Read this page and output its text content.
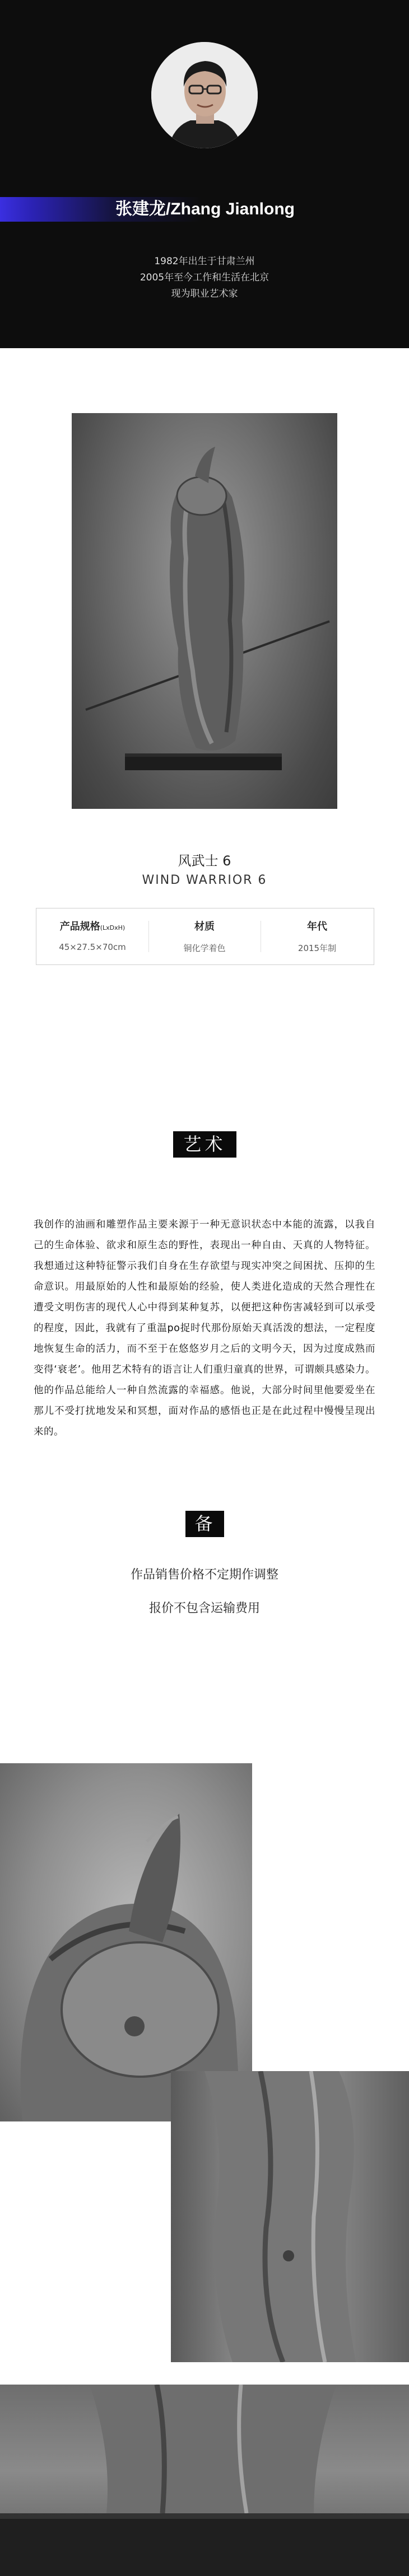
张建龙/Zhang Jianlong
1982年出生于甘肃兰州
2005年至今工作和生活在北京
现为职业艺术家
风武士 6
WIND WARRIOR 6
产品规格(LxDxH)
45×27.5×70cm
材质
铜化学着色
年代
2015年制
艺术评价
我创作的油画和雕塑作品主要来源于一种无意识状态中本能的流露，以我自己的生命体验、欲求和原生态的野性，表现出一种自由、天真的人物特征。我想通过这种特征警示我们自身在生存欲望与现实冲突之间困扰、压抑的生命意识。用最原始的人性和最原始的经验，使人类进化造成的天然合理性在遭受文明伤害的现代人心中得到某种复苏，以便把这种伤害减轻到可以承受的程度，因此，我就有了重温po捉时代那份原始天真活泼的想法，一定程度地恢复生命的活力，而不至于在悠悠岁月之后的文明今天，因为过度成熟而变得‘衰老’。他用艺术特有的语言让人们重归童真的世界，可谓颇具感染力。他的作品总能给人一种自然流露的幸福感。他说，大部分时间里他要爱坐在那儿不受打扰地发呆和冥想，面对作品的感悟也正是在此过程中慢慢呈现出来的。
备注
作品销售价格不定期作调整
报价不包含运输费用
